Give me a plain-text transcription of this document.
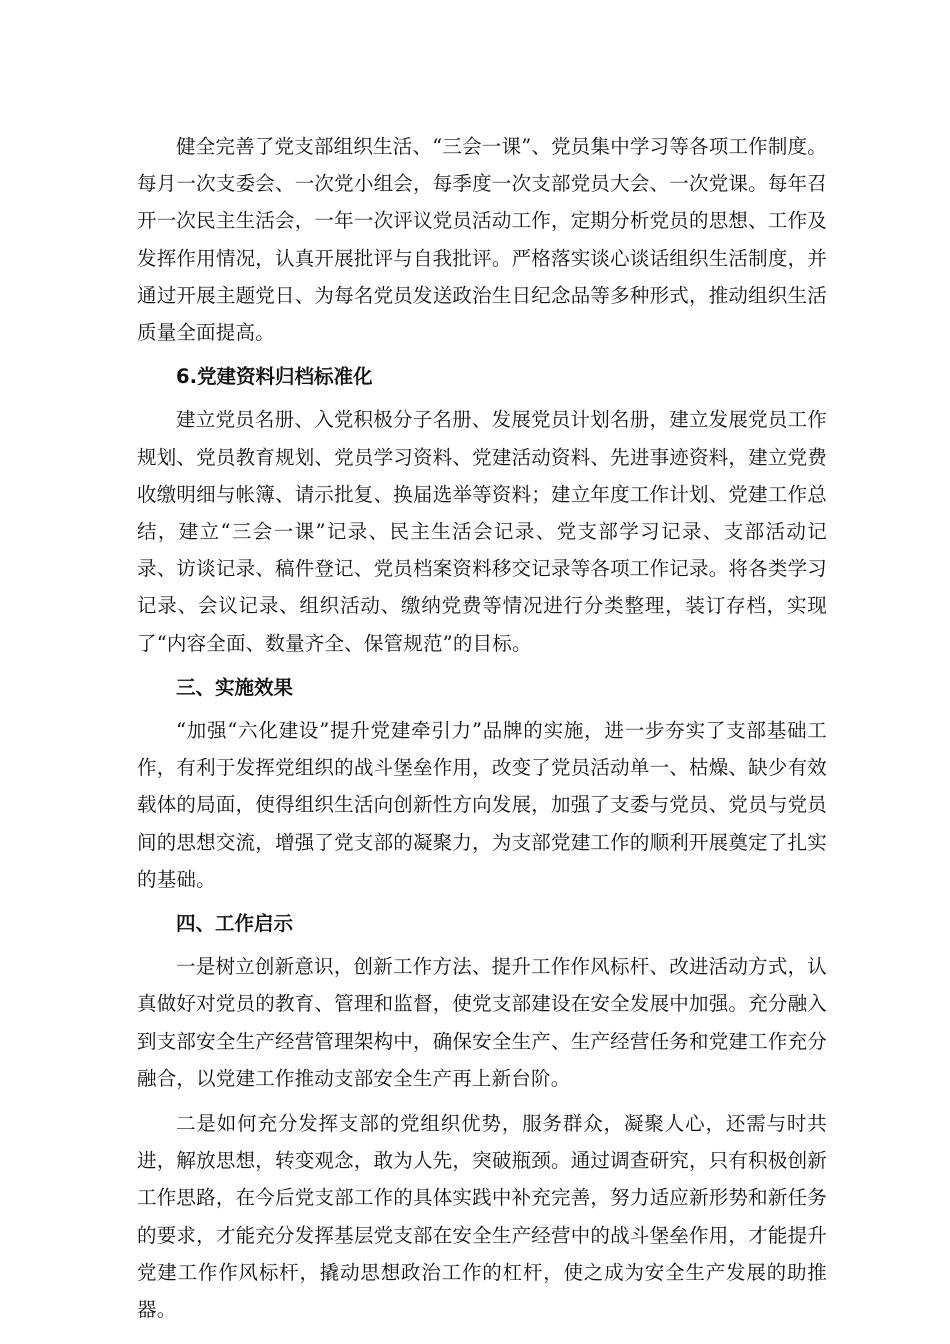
健全完善了党支部组织生活、“三会一课”、党员集中学习等各项工作制度。每月一次支委会、一次党小组会，每季度一次支部党员大会、一次党课。每年召开一次民主生活会，一年一次评议党员活动工作，定期分析党员的思想、工作及发挥作用情况，认真开展批评与自我批评。严格落实谈心谈话组织生活制度，并通过开展主题党日、为每名党员发送政治生日纪念品等多种形式，推动组织生活质量全面提高。

6.党建资料归档标准化

建立党员名册、入党积极分子名册、发展党员计划名册，建立发展党员工作规划、党员教育规划、党员学习资料、党建活动资料、先进事迹资料，建立党费收缴明细与帐簿、请示批复、换届选举等资料；建立年度工作计划、党建工作总结，建立“三会一课”记录、民主生活会记录、党支部学习记录、支部活动记录、访谈记录、稿件登记、党员档案资料移交记录等各项工作记录。将各类学习记录、会议记录、组织活动、缴纳党费等情况进行分类整理，装订存档，实现了“内容全面、数量齐全、保管规范”的目标。

三、实施效果

“加强“六化建设”提升党建牵引力”品牌的实施，进一步夯实了支部基础工作，有利于发挥党组织的战斗堡垒作用，改变了党员活动单一、枯燥、缺少有效载体的局面，使得组织生活向创新性方向发展，加强了支委与党员、党员与党员间的思想交流，增强了党支部的凝聚力，为支部党建工作的顺利开展奠定了扎实的基础。

四、工作启示

一是树立创新意识，创新工作方法、提升工作作风标杆、改进活动方式，认真做好对党员的教育、管理和监督，使党支部建设在安全发展中加强。充分融入到支部安全生产经营管理架构中，确保安全生产、生产经营任务和党建工作充分融合，以党建工作推动支部安全生产再上新台阶。

二是如何充分发挥支部的党组织优势，服务群众，凝聚人心，还需与时共进，解放思想，转变观念，敢为人先，突破瓶颈。通过调查研究，只有积极创新工作思路，在今后党支部工作的具体实践中补充完善，努力适应新形势和新任务的要求，才能充分发挥基层党支部在安全生产经营中的战斗堡垒作用，才能提升党建工作作风标杆，撬动思想政治工作的杠杆，使之成为安全生产发展的助推器。
